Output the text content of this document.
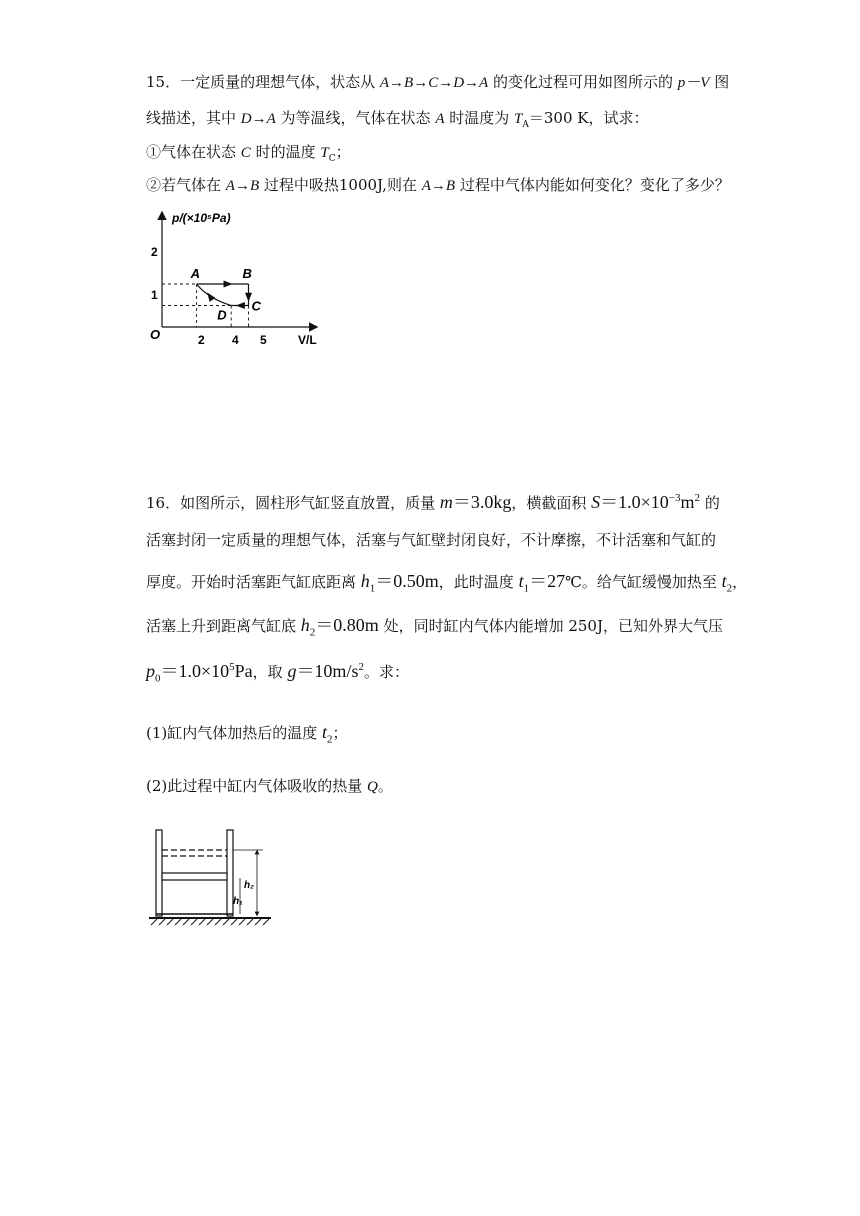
15．一定质量的理想气体，状态从 A→B→C→D→A 的变化过程可用如图所示的 p－V 图
线描述，其中 D→A 为等温线，气体在状态 A 时温度为 $T_A=300$ K，试求：
①气体在状态 C 时的温度 $T_C$；
②若气体在 A→B 过程中吸热1000J,则在 A→B 过程中气体内能如何变化？变化了多少？
p/(×10⁵Pa)
V/L
O	2 4 5
2
1
A	B
C
D
16．如图所示，圆柱形气缸竖直放置，质量 m＝3.0kg，横截面积 $S=1.0\times 10^{-3}m^2$ 的
活塞封闭一定质量的理想气体，活塞与气缸壁封闭良好，不计摩擦，不计活塞和气缸的
厚度。开始时活塞距气缸底距离 $h_1=0.50m$，此时温度 $t_1=27℃$。给气缸缓慢加热至 $t_2$，
活塞上升到距离气缸底 $h_2=0.80m$ 处，同时缸内气体内能增加 250J，已知外界大气压
$p_0=1.0\times 10^5Pa$，取 $g=10m/s^2$。求：
(1)缸内气体加热后的温度 $t_2$；
(2)此过程中缸内气体吸收的热量 Q。
h₂
h₁
